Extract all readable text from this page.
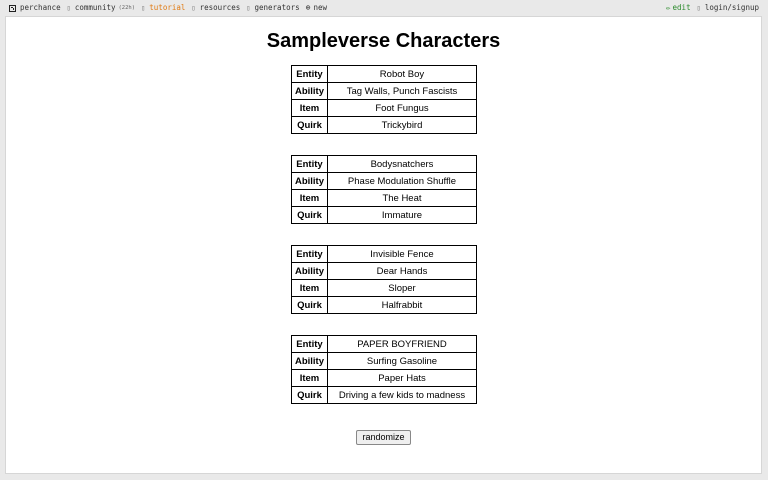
perchance ▯ community (22h) ▯ tutorial ▯ resources ▯ generators ⊕ new	✏ edit ▯ login/signup
Sampleverse Characters
Entity	Robot Boy
Ability	Tag Walls, Punch Fascists
Item	Foot Fungus
Quirk	Trickybird
Entity	Bodysnatchers
Ability	Phase Modulation Shuffle
Item	The Heat
Quirk	Immature
Entity	Invisible Fence
Ability	Dear Hands
Item	Sloper
Quirk	Halfrabbit
Entity	PAPER BOYFRIEND
Ability	Surfing Gasoline
Item	Paper Hats
Quirk	Driving a few kids to madness
randomize
